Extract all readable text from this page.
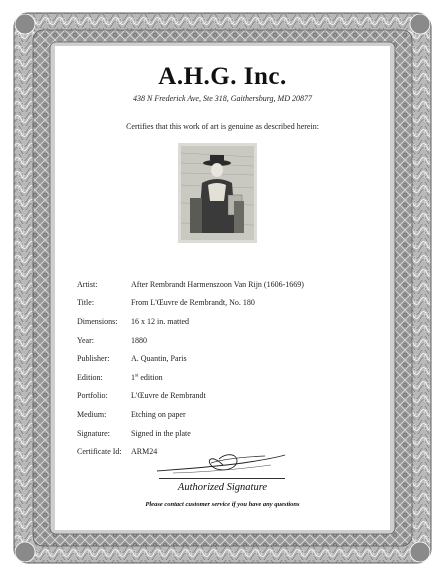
A.H.G. Inc.
438 N Frederick Ave, Ste 318, Gaithersburg, MD 20877
Certifies that this work of art is genuine as described herein:
Artist:	After Rembrandt Harmenszoon Van Rijn (1606-1669)
Title:	From L'Œuvre de Rembrandt, No. 180
Dimensions:	16 x 12 in. matted
Year:	1880
Publisher:	A. Quantin, Paris
Edition:	1st edition
Portfolio:	L'Œuvre de Rembrandt
Medium:	Etching on paper
Signature:	Signed in the plate
Certificate Id:	ARM24
Authorized Signature
Please contact customer service if you have any questions
